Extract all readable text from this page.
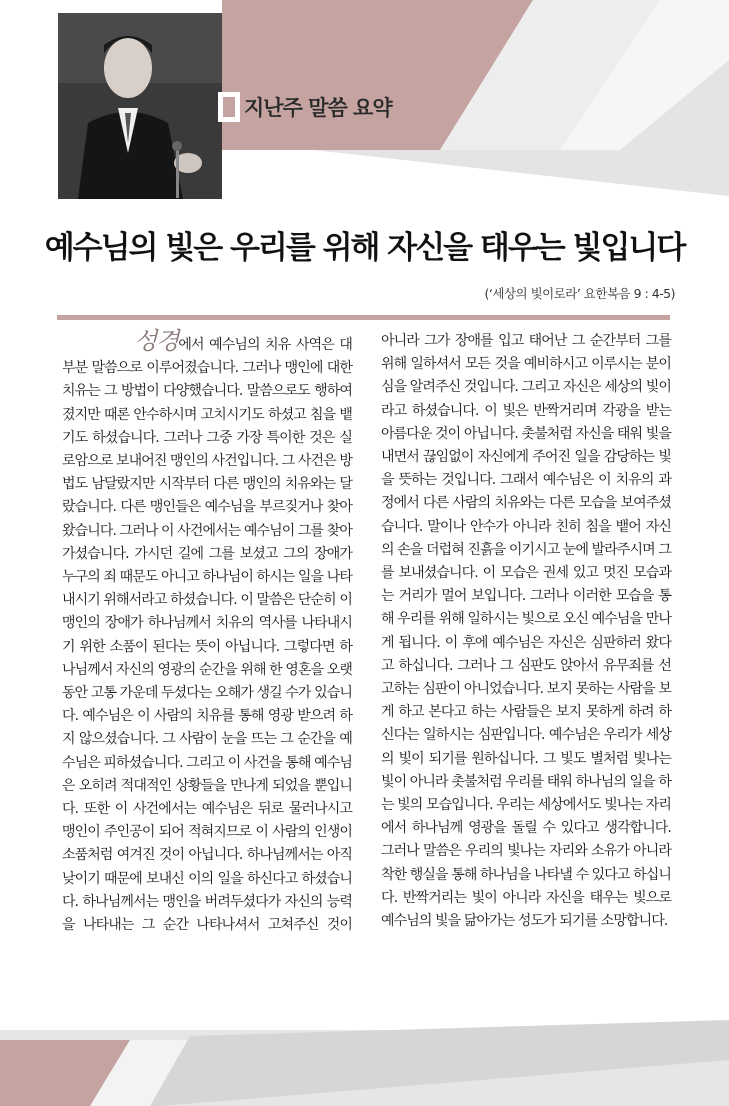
지난주 말씀 요약
예수님의 빛은 우리를 위해 자신을 태우는 빛입니다
(‘세상의 빛이로라’ 요한복음 9 : 4-5)

성경에서 예수님의 치유 사역은 대부분 말씀으로 이루어졌습니다. 그러나 맹인에 대한 치유는 그 방법이 다양했습니다. 말씀으로도 행하여졌지만 때론 안수하시며 고치시기도 하셨고 침을 뱉기도 하셨습니다. 그러나 그중 가장 특이한 것은 실로암으로 보내어진 맹인의 사건입니다. 그 사건은 방법도 남달랐지만 시작부터 다른 맹인의 치유와는 달랐습니다. 다른 맹인들은 예수님을 부르짖거나 찾아왔습니다. 그러나 이 사건에서는 예수님이 그를 찾아가셨습니다. 가시던 길에 그를 보셨고 그의 장애가 누구의 죄 때문도 아니고 하나님이 하시는 일을 나타내시기 위해서라고 하셨습니다. 이 말씀은 단순히 이 맹인의 장애가 하나님께서 치유의 역사를 나타내시기 위한 소품이 된다는 뜻이 아닙니다. 그렇다면 하나님께서 자신의 영광의 순간을 위해 한 영혼을 오랫동안 고통 가운데 두셨다는 오해가 생길 수가 있습니다. 예수님은 이 사람의 치유를 통해 영광 받으려 하지 않으셨습니다. 그 사람이 눈을 뜨는 그 순간을 예수님은 피하셨습니다. 그리고 이 사건을 통해 예수님은 오히려 적대적인 상황들을 만나게 되었을 뿐입니다. 또한 이 사건에서는 예수님은 뒤로 물러나시고 맹인이 주인공이 되어 적혀지므로 이 사람의 인생이 소품처럼 여겨진 것이 아닙니다. 하나님께서는 아직 낮이기 때문에 보내신 이의 일을 하신다고 하셨습니다. 하나님께서는 맹인을 버려두셨다가 자신의 능력을 나타내는 그 순간 나타나셔서 고쳐주신 것이

아니라 그가 장애를 입고 태어난 그 순간부터 그를 위해 일하셔서 모든 것을 예비하시고 이루시는 분이심을 알려주신 것입니다. 그리고 자신은 세상의 빛이라고 하셨습니다. 이 빛은 반짝거리며 각광을 받는 아름다운 것이 아닙니다. 촛불처럼 자신을 태워 빛을 내면서 끊임없이 자신에게 주어진 일을 감당하는 빛을 뜻하는 것입니다. 그래서 예수님은 이 치유의 과정에서 다른 사람의 치유와는 다른 모습을 보여주셨습니다. 말이나 안수가 아니라 친히 침을 뱉어 자신의 손을 더럽혀 진흙을 이기시고 눈에 발라주시며 그를 보내셨습니다. 이 모습은 권세 있고 멋진 모습과는 거리가 멀어 보입니다. 그러나 이러한 모습을 통해 우리를 위해 일하시는 빛으로 오신 예수님을 만나게 됩니다. 이 후에 예수님은 자신은 심판하러 왔다고 하십니다. 그러나 그 심판도 앉아서 유무죄를 선고하는 심판이 아니었습니다. 보지 못하는 사람을 보게 하고 본다고 하는 사람들은 보지 못하게 하려 하신다는 일하시는 심판입니다. 예수님은 우리가 세상의 빛이 되기를 원하십니다. 그 빛도 별처럼 빛나는 빛이 아니라 촛불처럼 우리를 태워 하나님의 일을 하는 빛의 모습입니다. 우리는 세상에서도 빛나는 자리에서 하나님께 영광을 돌릴 수 있다고 생각합니다. 그러나 말씀은 우리의 빛나는 자리와 소유가 아니라 착한 행실을 통해 하나님을 나타낼 수 있다고 하십니다. 반짝거리는 빛이 아니라 자신을 태우는 빛으로 예수님의 빛을 닮아가는 성도가 되기를 소망합니다.
